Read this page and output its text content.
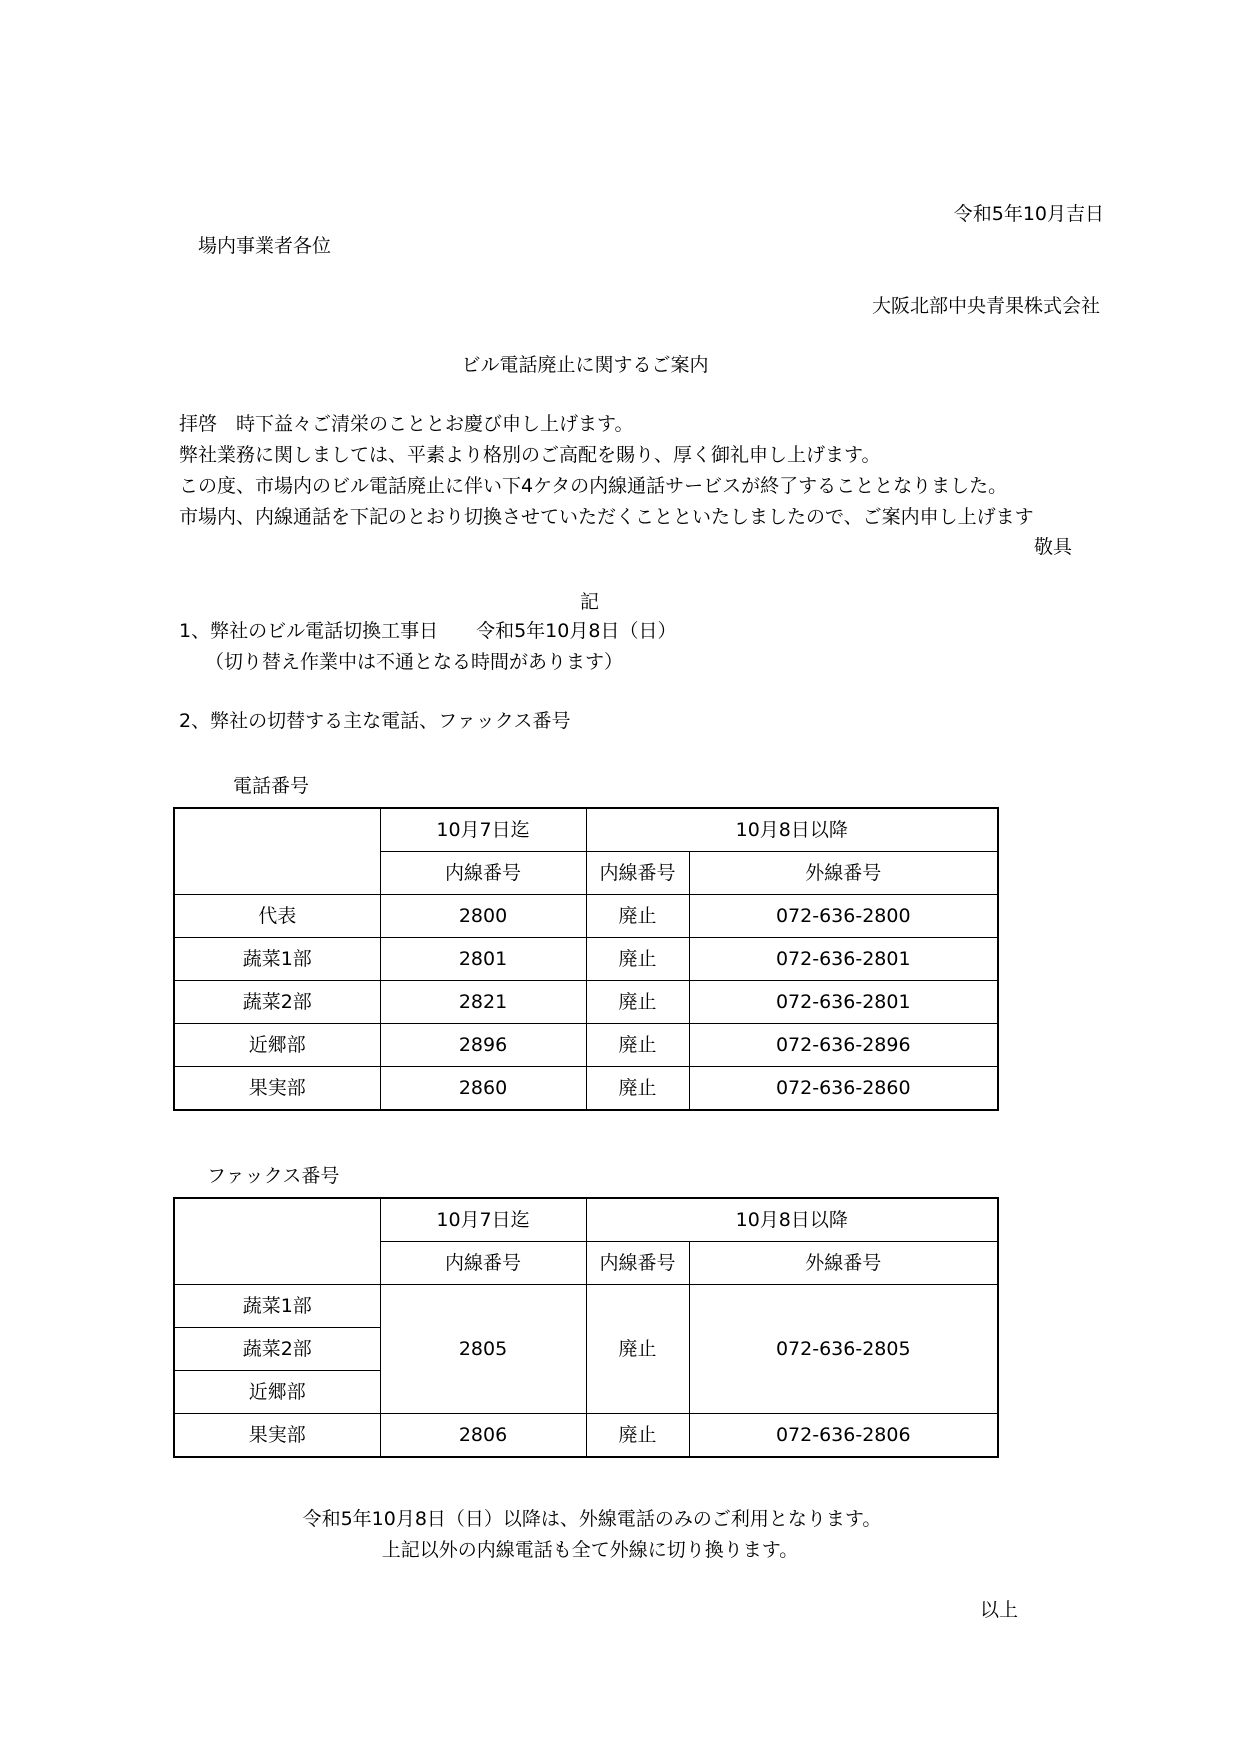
令和5年10月吉日
場内事業者各位
大阪北部中央青果株式会社
ビル電話廃止に関するご案内
拝啓　時下益々ご清栄のこととお慶び申し上げます。
弊社業務に関しましては、平素より格別のご高配を賜り、厚く御礼申し上げます。
この度、市場内のビル電話廃止に伴い下4ケタの内線通話サービスが終了することとなりました。
市場内、内線通話を下記のとおり切換させていただくことといたしましたので、ご案内申し上げます
敬具
記
1、弊社のビル電話切換工事日　　令和5年10月8日（日）
（切り替え作業中は不通となる時間があります）
2、弊社の切替する主な電話、ファックス番号
電話番号
	10月7日迄	10月8日以降	
	内線番号	内線番号	外線番号
代表	2800	廃止	072-636-2800
蔬菜1部	2801	廃止	072-636-2801
蔬菜2部	2821	廃止	072-636-2801
近郷部	2896	廃止	072-636-2896
果実部	2860	廃止	072-636-2860
ファックス番号
	10月7日迄	10月8日以降	
	内線番号	内線番号	外線番号
蔬菜1部	2805	廃止	072-636-2805
蔬菜2部			
近郷部			
果実部	2806	廃止	072-636-2806
令和5年10月8日（日）以降は、外線電話のみのご利用となります。
上記以外の内線電話も全て外線に切り換ります。
以上
